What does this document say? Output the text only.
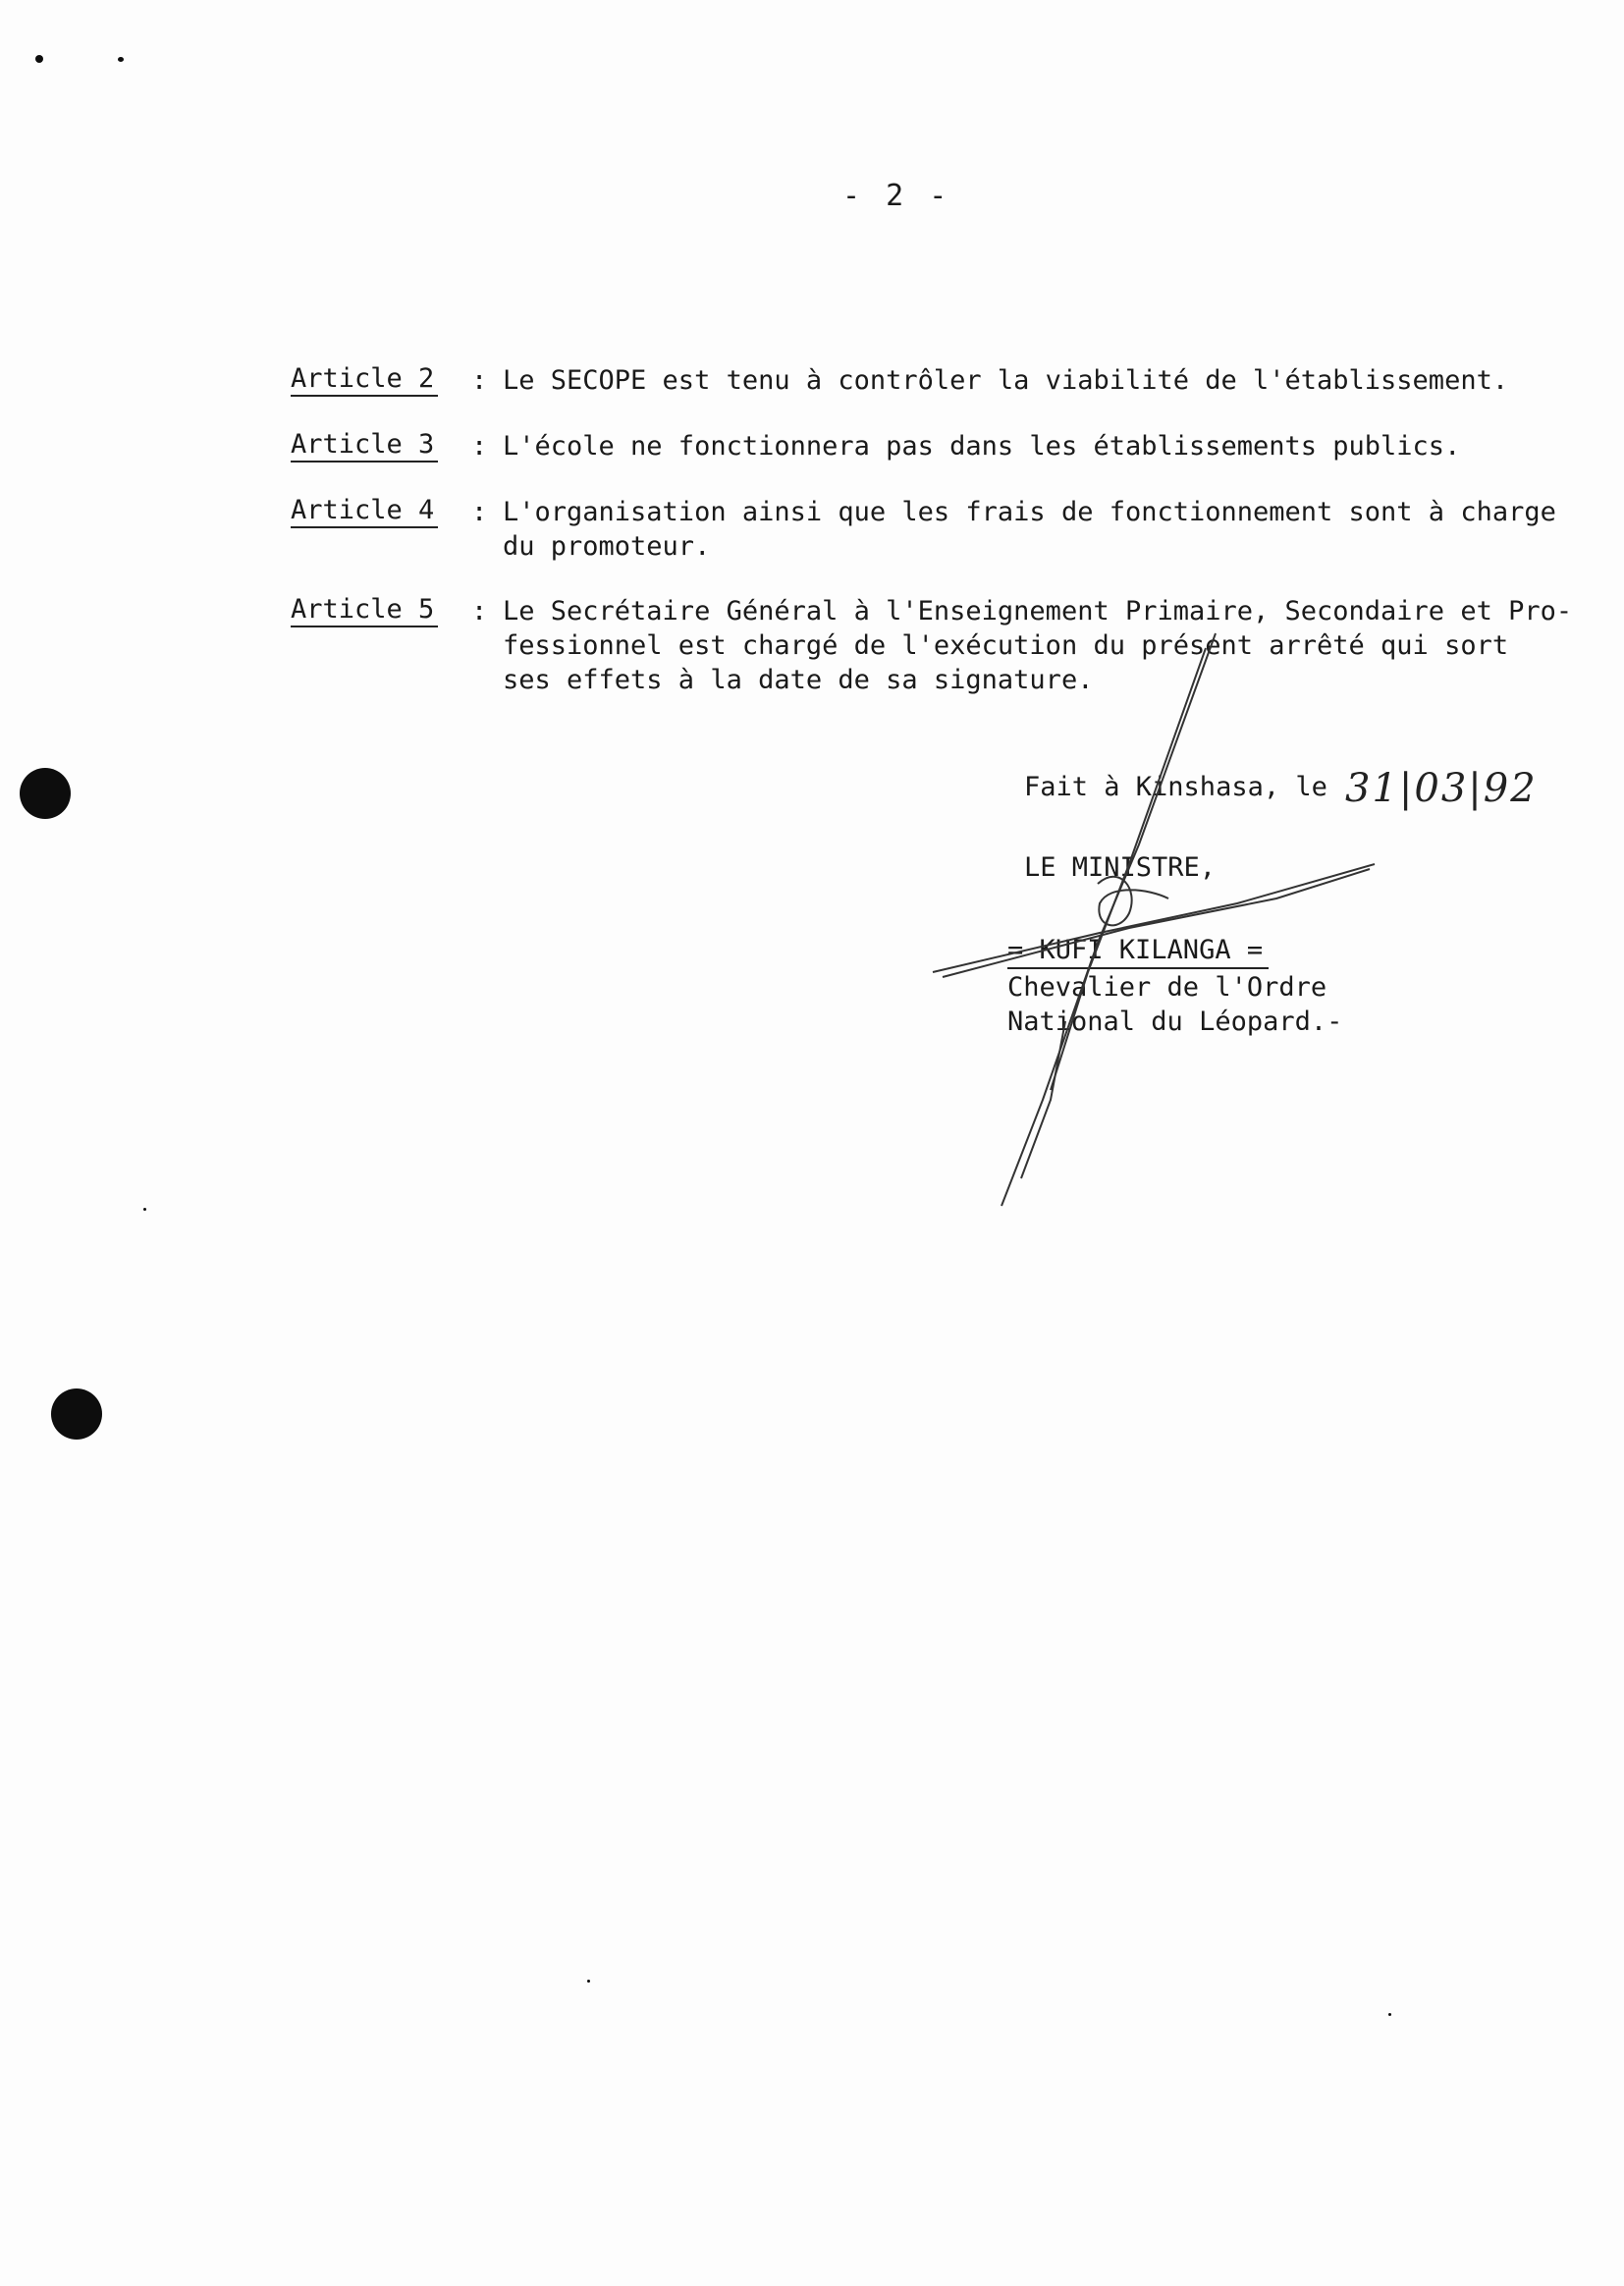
- 2 -
Article 2 : Le SECOPE est tenu à contrôler la viabilité de l'établissement.
Article 3 : L'école ne fonctionnera pas dans les établissements publics.
Article 4 : L'organisation ainsi que les frais de fonctionnement sont à charge
du promoteur.
Article 5 : Le Secrétaire Général à l'Enseignement Primaire, Secondaire et Pro-
fessionnel est chargé de l'exécution du présent arrêté qui sort
ses effets à la date de sa signature.
Fait à Kinshasa, le 31|03|92
LE MINISTRE,
= KUFI KILANGA =
Chevalier de l'Ordre
National du Léopard.-
